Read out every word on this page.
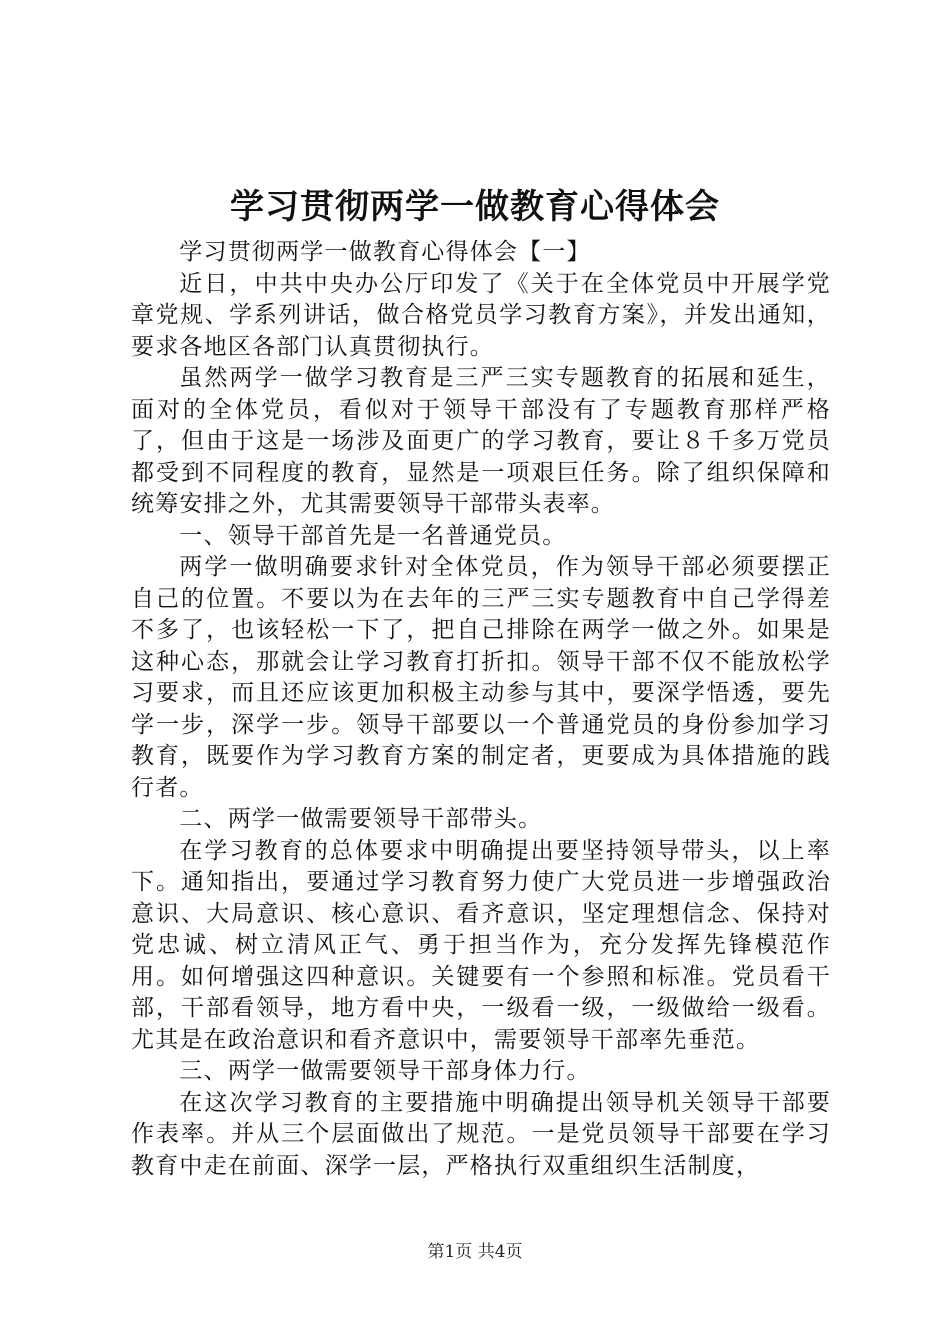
学习贯彻两学一做教育心得体会

学习贯彻两学一做教育心得体会【一】

近日，中共中央办公厅印发了《关于在全体党员中开展学党章党规、学系列讲话，做合格党员学习教育方案》，并发出通知，要求各地区各部门认真贯彻执行。

虽然两学一做学习教育是三严三实专题教育的拓展和延生，面对的全体党员，看似对于领导干部没有了专题教育那样严格了，但由于这是一场涉及面更广的学习教育，要让８千多万党员都受到不同程度的教育，显然是一项艰巨任务。除了组织保障和统筹安排之外，尤其需要领导干部带头表率。

一、领导干部首先是一名普通党员。

两学一做明确要求针对全体党员，作为领导干部必须要摆正自己的位置。不要以为在去年的三严三实专题教育中自己学得差不多了，也该轻松一下了，把自己排除在两学一做之外。如果是这种心态，那就会让学习教育打折扣。领导干部不仅不能放松学习要求，而且还应该更加积极主动参与其中，要深学悟透，要先学一步，深学一步。领导干部要以一个普通党员的身份参加学习教育，既要作为学习教育方案的制定者，更要成为具体措施的践行者。

二、两学一做需要领导干部带头。

在学习教育的总体要求中明确提出要坚持领导带头，以上率下。通知指出，要通过学习教育努力使广大党员进一步增强政治意识、大局意识、核心意识、看齐意识，坚定理想信念、保持对党忠诚、树立清风正气、勇于担当作为，充分发挥先锋模范作用。如何增强这四种意识。关键要有一个参照和标准。党员看干部，干部看领导，地方看中央，一级看一级，一级做给一级看。尤其是在政治意识和看齐意识中，需要领导干部率先垂范。

三、两学一做需要领导干部身体力行。

在这次学习教育的主要措施中明确提出领导机关领导干部要作表率。并从三个层面做出了规范。一是党员领导干部要在学习教育中走在前面、深学一层，严格执行双重组织生活制度，

第1页 共4页
